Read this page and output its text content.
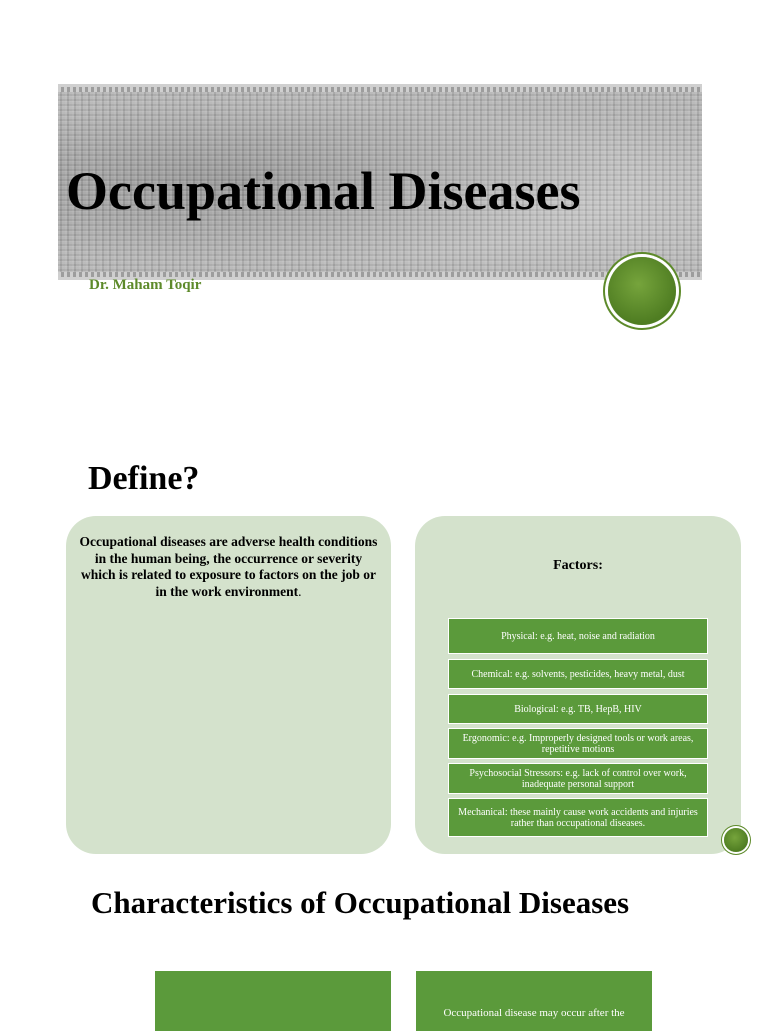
Occupational Diseases
Dr. Maham Toqir
Define?
Occupational diseases are adverse health conditions in the human being, the occurrence or severity which is related to exposure to factors on the job or in the work environment.
Factors:
Physical: e.g. heat, noise and radiation
Chemical: e.g. solvents, pesticides, heavy metal, dust
Biological: e.g. TB, HepB, HIV
Ergonomic: e.g. Improperly designed tools or work areas, repetitive motions
Psychosocial Stressors: e.g. lack of control over work, inadequate personal support
Mechanical: these mainly cause work accidents and injuries rather than occupational diseases.
Characteristics of Occupational Diseases
Occupational disease may occur after the
